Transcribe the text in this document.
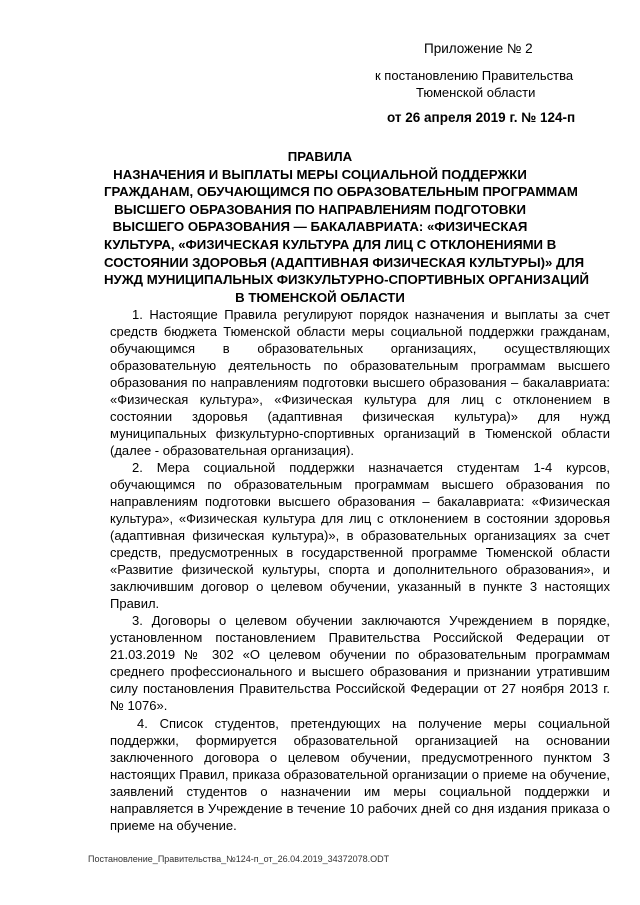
Приложение № 2
к постановлению Правительства
Тюменской области
от 26 апреля 2019 г. № 124-п
ПРАВИЛА
НАЗНАЧЕНИЯ И ВЫПЛАТЫ МЕРЫ СОЦИАЛЬНОЙ ПОДДЕРЖКИ
ГРАЖДАНАМ, ОБУЧАЮЩИМСЯ ПО ОБРАЗОВАТЕЛЬНЫМ ПРОГРАММАМ
ВЫСШЕГО ОБРАЗОВАНИЯ ПО НАПРАВЛЕНИЯМ ПОДГОТОВКИ
ВЫСШЕГО ОБРАЗОВАНИЯ — БАКАЛАВРИАТА: «ФИЗИЧЕСКАЯ
КУЛЬТУРА, «ФИЗИЧЕСКАЯ КУЛЬТУРА ДЛЯ ЛИЦ С ОТКЛОНЕНИЯМИ В
СОСТОЯНИИ ЗДОРОВЬЯ (АДАПТИВНАЯ ФИЗИЧЕСКАЯ КУЛЬТУРЫ)» ДЛЯ
НУЖД МУНИЦИПАЛЬНЫХ ФИЗКУЛЬТУРНО-СПОРТИВНЫХ ОРГАНИЗАЦИЙ
В ТЮМЕНСКОЙ ОБЛАСТИ

1. Настоящие Правила регулируют порядок назначения и выплаты за счет средств бюджета Тюменской области меры социальной поддержки гражданам, обучающимся в образовательных организациях, осуществляющих образовательную деятельность по образовательным программам высшего образования по направлениям подготовки высшего образования – бакалавриата: «Физическая культура», «Физическая культура для лиц с отклонением в состоянии здоровья (адаптивная физическая культура)» для нужд муниципальных физкультурно-спортивных организаций в Тюменской области (далее - образовательная организация).

2. Мера социальной поддержки назначается студентам 1-4 курсов, обучающимся по образовательным программам высшего образования по направлениям подготовки высшего образования – бакалавриата: «Физическая культура», «Физическая культура для лиц с отклонением в состоянии здоровья (адаптивная физическая культура)», в образовательных организациях за счет средств, предусмотренных в государственной программе Тюменской области «Развитие физической культуры, спорта и дополнительного образования», и заключившим договор о целевом обучении, указанный в пункте 3 настоящих Правил.

3. Договоры о целевом обучении заключаются Учреждением в порядке, установленном постановлением Правительства Российской Федерации от 21.03.2019 № 302 «О целевом обучении по образовательным программам среднего профессионального и высшего образования и признании утратившим силу постановления Правительства Российской Федерации от 27 ноября 2013 г. № 1076».

4. Список студентов, претендующих на получение меры социальной поддержки, формируется образовательной организацией на основании заключенного договора о целевом обучении, предусмотренного пунктом 3 настоящих Правил, приказа образовательной организации о приеме на обучение, заявлений студентов о назначении им меры социальной поддержки и направляется в Учреждение в течение 10 рабочих дней со дня издания приказа о приеме на обучение.

Постановление_Правительства_№124-п_от_26.04.2019_34372078.ODT
